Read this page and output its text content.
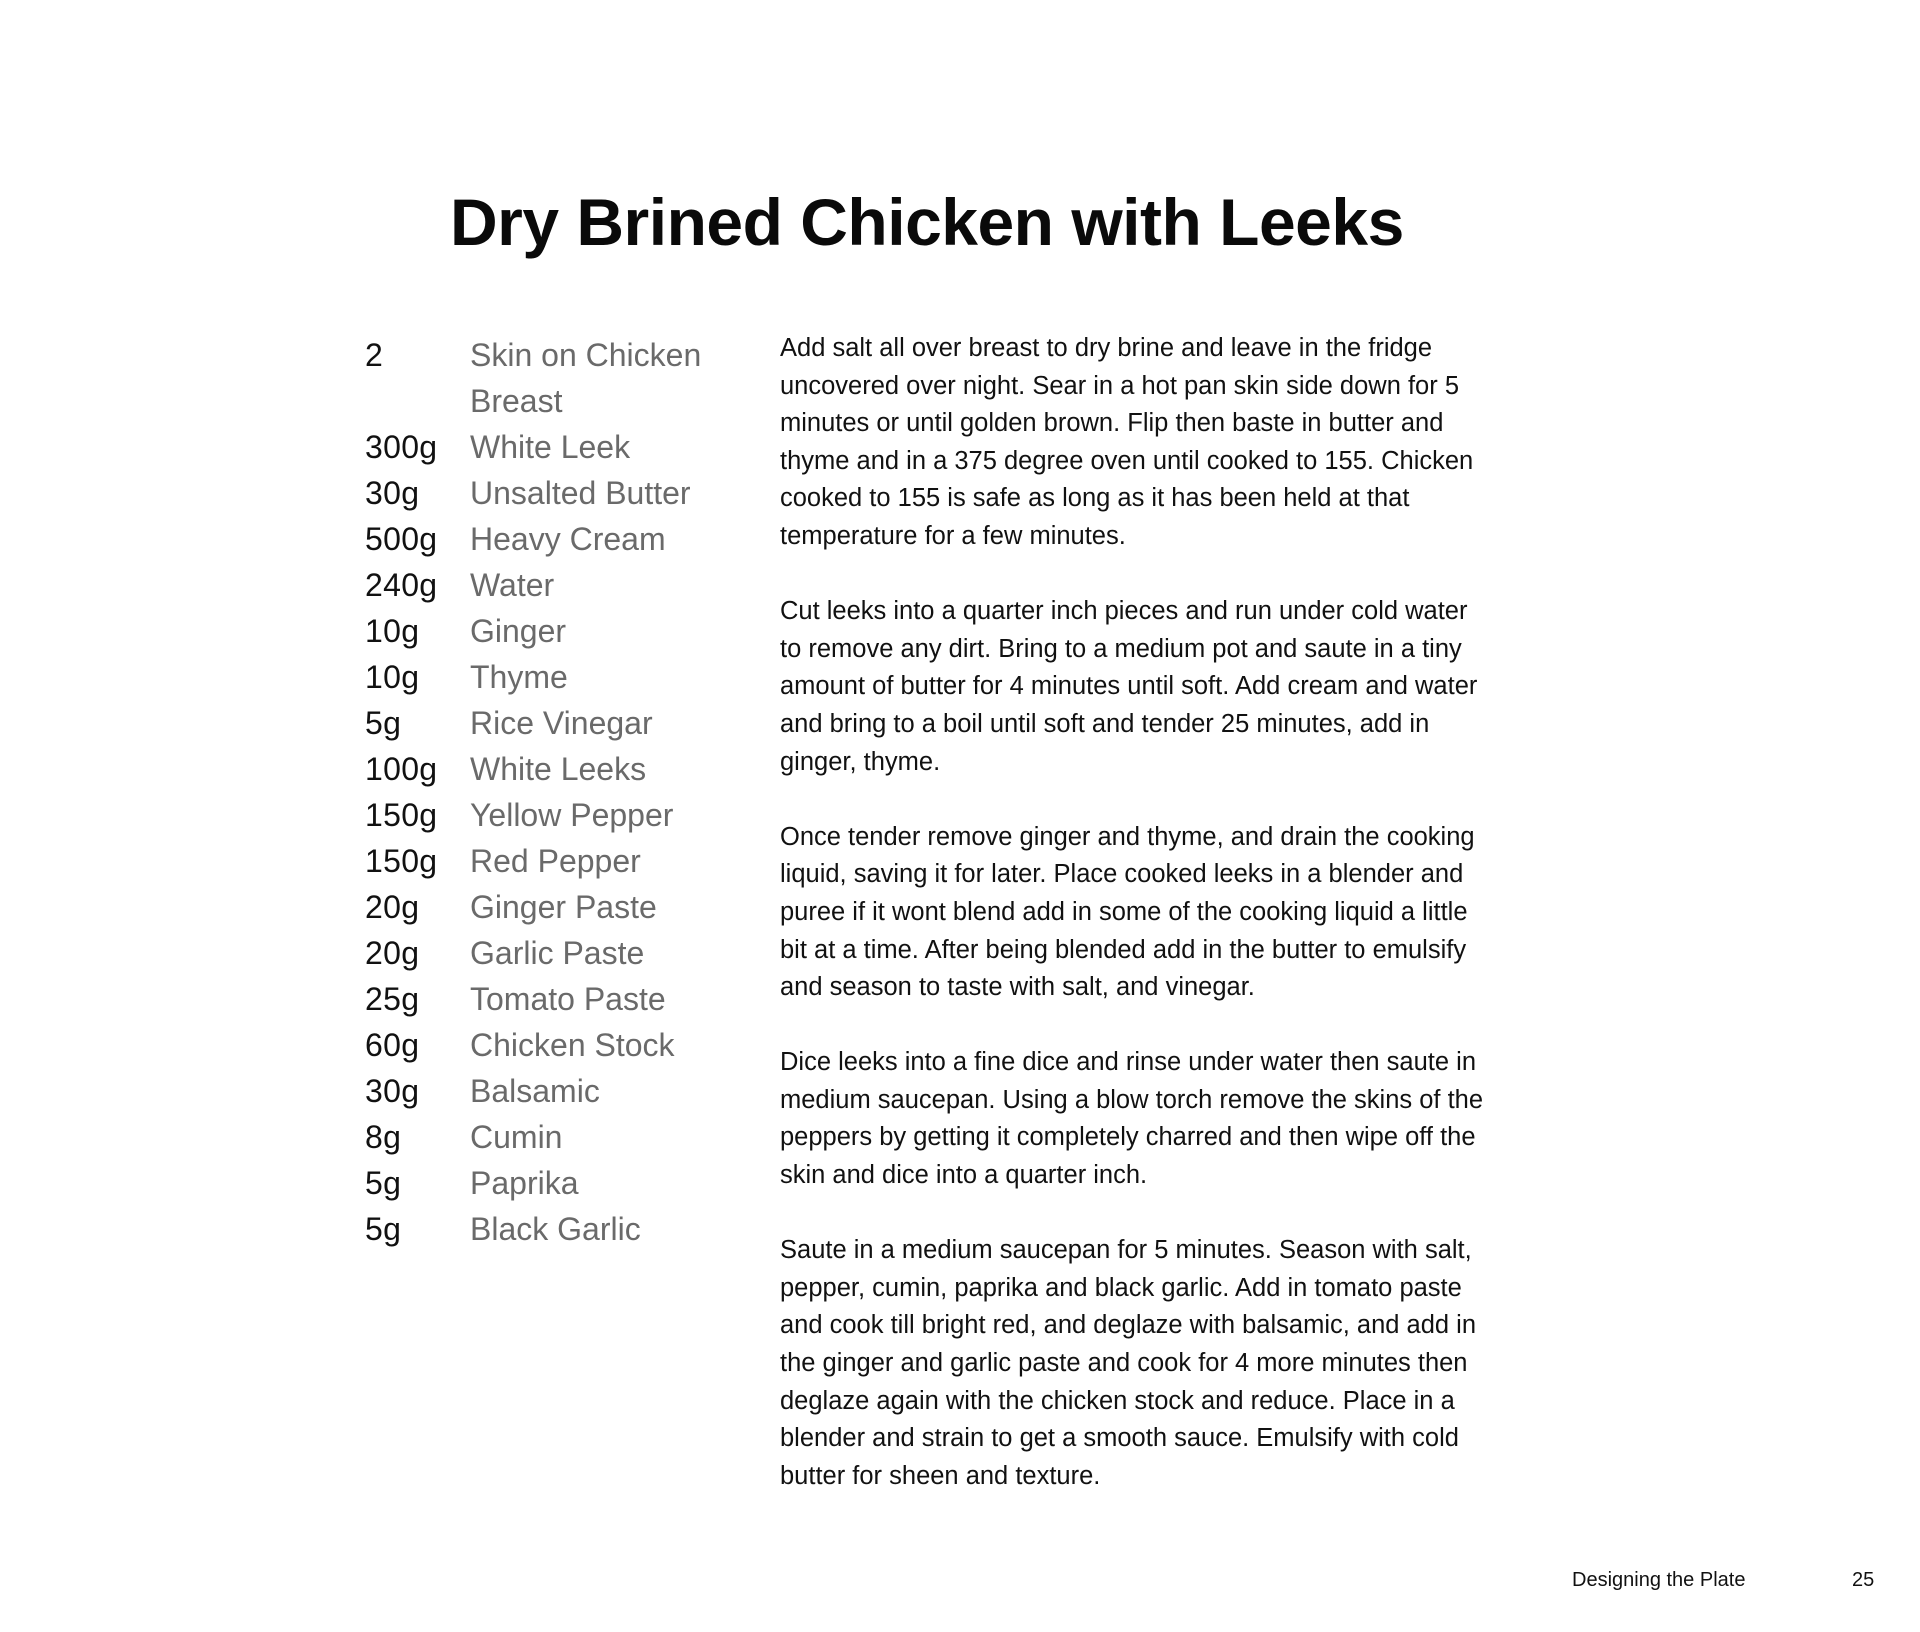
Dry Brined Chicken with Leeks
2	Skin on Chicken
Breast
300g	White Leek
30g	Unsalted Butter
500g	Heavy Cream
240g	Water
10g	Ginger
10g	Thyme
5g	Rice Vinegar
100g	White Leeks
150g	Yellow Pepper
150g	Red Pepper
20g	Ginger Paste
20g	Garlic Paste
25g	Tomato Paste
60g	Chicken Stock
30g	Balsamic
8g	Cumin
5g	Paprika
5g	Black Garlic

Add salt all over breast to dry brine and leave in the fridge
uncovered over night. Sear in a hot pan skin side down for 5
minutes or until golden brown. Flip then baste in butter and
thyme and in a 375 degree oven until cooked to 155. Chicken
cooked to 155 is safe as long as it has been held at that
temperature for a few minutes.

Cut leeks into a quarter inch pieces and run under cold water
to remove any dirt. Bring to a medium pot and saute in a tiny
amount of butter for 4 minutes until soft. Add cream and water
and bring to a boil until soft and tender 25 minutes, add in
ginger, thyme.

Once tender remove ginger and thyme, and drain the cooking
liquid, saving it for later. Place cooked leeks in a blender and
puree if it wont blend add in some of the cooking liquid a little
bit at a time. After being blended add in the butter to emulsify
and season to taste with salt, and vinegar.

Dice leeks into a fine dice and rinse under water then saute in
medium saucepan. Using a blow torch remove the skins of the
peppers by getting it completely charred and then wipe off the
skin and dice into a quarter inch.

Saute in a medium saucepan for 5 minutes. Season with salt,
pepper, cumin, paprika and black garlic. Add in tomato paste
and cook till bright red, and deglaze with balsamic, and add in
the ginger and garlic paste and cook for 4 more minutes then
deglaze again with the chicken stock and reduce. Place in a
blender and strain to get a smooth sauce. Emulsify with cold
butter for sheen and texture.

Designing the Plate	25
